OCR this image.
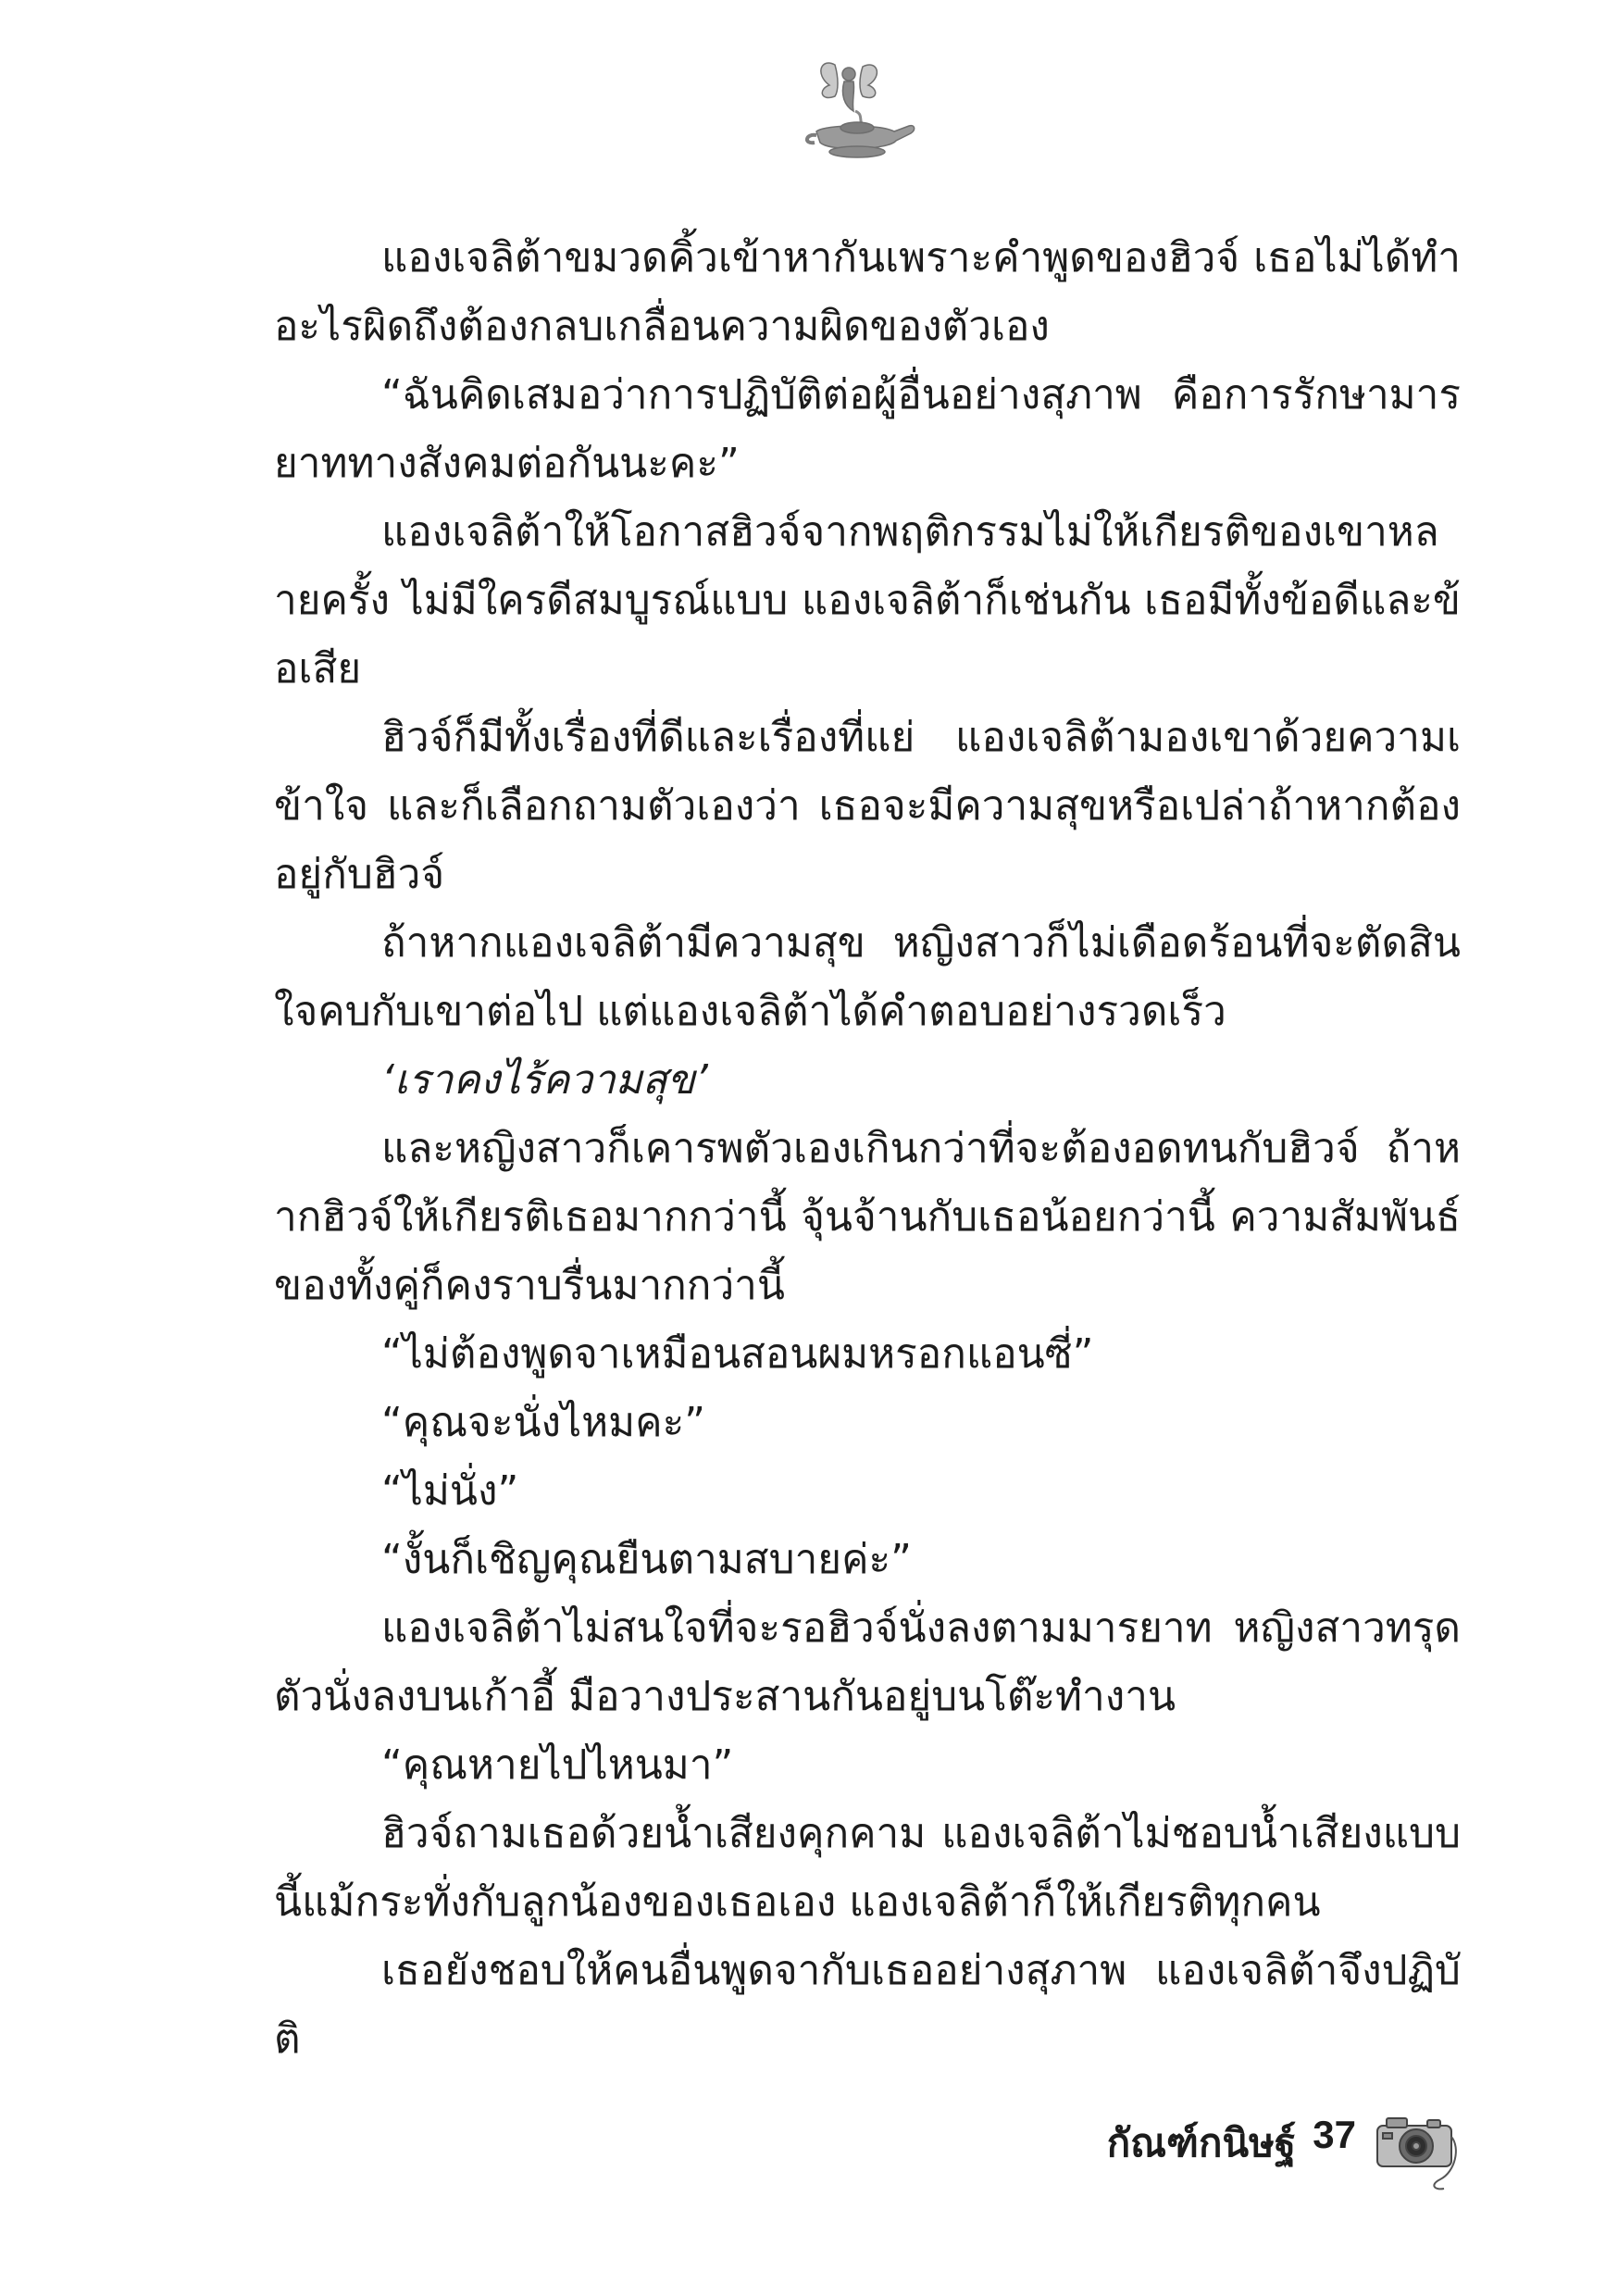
แองเจลิต้าขมวดคิ้วเข้าหากันเพราะคำพูดของฮิวจ์ เธอไม่ได้ทำอะไรผิดถึงต้องกลบเกลื่อนความผิดของตัวเอง

“ฉันคิดเสมอว่าการปฏิบัติต่อผู้อื่นอย่างสุภาพ คือการรักษามารยาททางสังคมต่อกันนะคะ”

แองเจลิต้าให้โอกาสฮิวจ์จากพฤติกรรมไม่ให้เกียรติของเขาหลายครั้ง ไม่มีใครดีสมบูรณ์แบบ แองเจลิต้าก็เช่นกัน เธอมีทั้งข้อดีและข้อเสีย

ฮิวจ์ก็มีทั้งเรื่องที่ดีและเรื่องที่แย่ แองเจลิต้ามองเขาด้วยความเข้าใจ และก็เลือกถามตัวเองว่า เธอจะมีความสุขหรือเปล่าถ้าหากต้องอยู่กับฮิวจ์

ถ้าหากแองเจลิต้ามีความสุข หญิงสาวก็ไม่เดือดร้อนที่จะตัดสินใจคบกับเขาต่อไป แต่แองเจลิต้าได้คำตอบอย่างรวดเร็ว

‘เราคงไร้ความสุข’

และหญิงสาวก็เคารพตัวเองเกินกว่าที่จะต้องอดทนกับฮิวจ์ ถ้าหากฮิวจ์ให้เกียรติเธอมากกว่านี้ จุ้นจ้านกับเธอน้อยกว่านี้ ความสัมพันธ์ของทั้งคู่ก็คงราบรื่นมากกว่านี้

“ไม่ต้องพูดจาเหมือนสอนผมหรอกแอนซี่”

“คุณจะนั่งไหมคะ”

“ไม่นั่ง”

“งั้นก็เชิญคุณยืนตามสบายค่ะ”

แองเจลิต้าไม่สนใจที่จะรอฮิวจ์นั่งลงตามมารยาท หญิงสาวทรุดตัวนั่งลงบนเก้าอี้ มือวางประสานกันอยู่บนโต๊ะทำงาน

“คุณหายไปไหนมา”

ฮิวจ์ถามเธอด้วยน้ำเสียงคุกคาม แองเจลิต้าไม่ชอบน้ำเสียงแบบนี้แม้กระทั่งกับลูกน้องของเธอเอง แองเจลิต้าก็ให้เกียรติทุกคน

เธอยังชอบให้คนอื่นพูดจากับเธออย่างสุภาพ แองเจลิต้าจึงปฏิบัติ

กัณฑ์กนิษฐ์ 37
